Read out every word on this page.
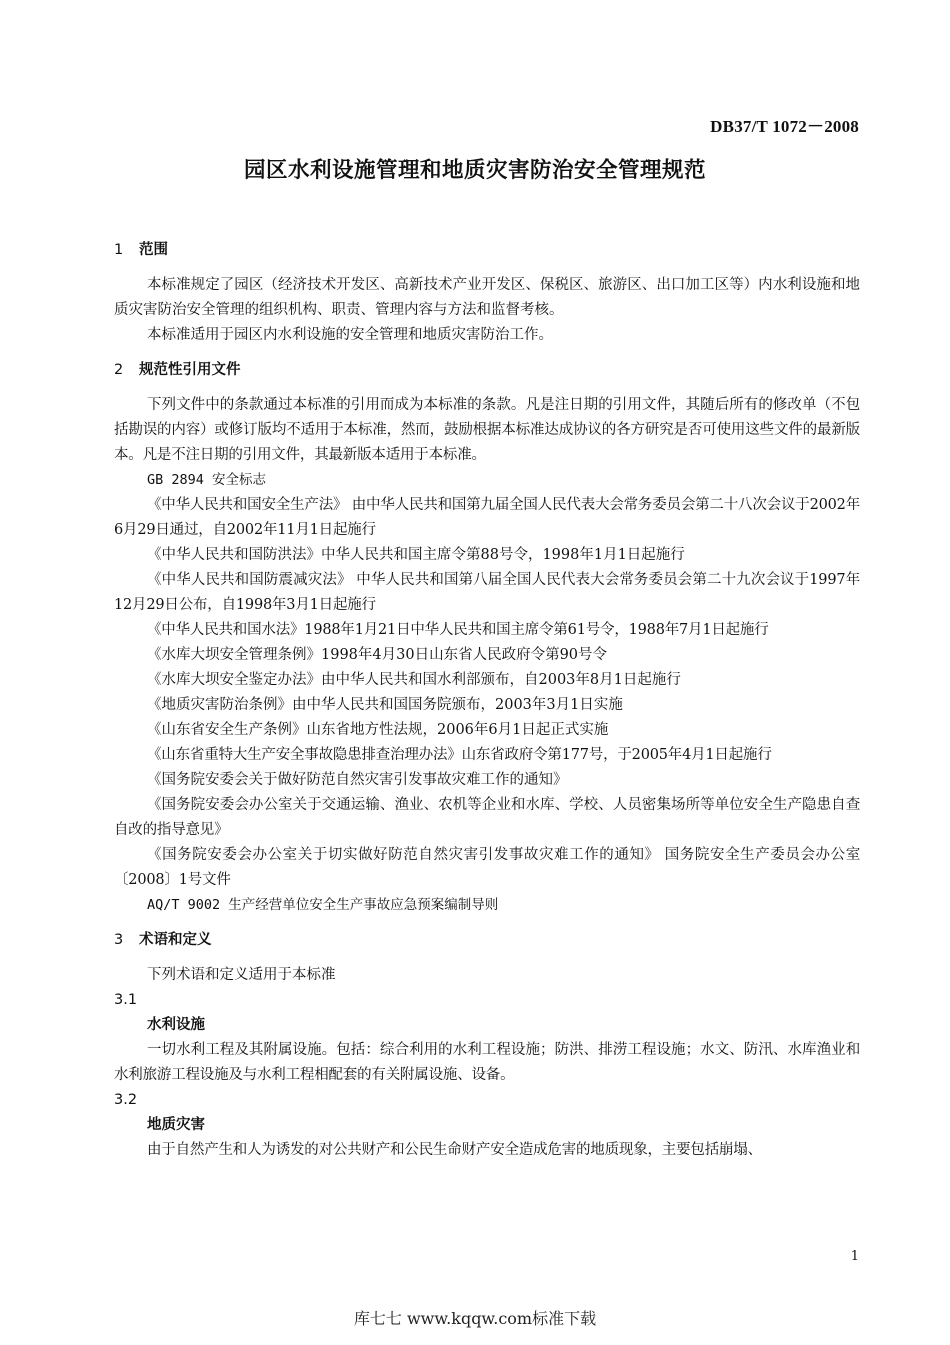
DB37/T 1072－2008
园区水利设施管理和地质灾害防治安全管理规范
1 范围

本标准规定了园区（经济技术开发区、高新技术产业开发区、保税区、旅游区、出口加工区等）内水利设施和地质灾害防治安全管理的组织机构、职责、管理内容与方法和监督考核。

本标准适用于园区内水利设施的安全管理和地质灾害防治工作。

2 规范性引用文件

下列文件中的条款通过本标准的引用而成为本标准的条款。凡是注日期的引用文件，其随后所有的修改单（不包括勘误的内容）或修订版均不适用于本标准，然而，鼓励根据本标准达成协议的各方研究是否可使用这些文件的最新版本。凡是不注日期的引用文件，其最新版本适用于本标准。

GB 2894 安全标志

《中华人民共和国安全生产法》 由中华人民共和国第九届全国人民代表大会常务委员会第二十八次会议于2002年6月29日通过，自2002年11月1日起施行

《中华人民共和国防洪法》中华人民共和国主席令第88号令，1998年1月1日起施行

《中华人民共和国防震减灾法》 中华人民共和国第八届全国人民代表大会常务委员会第二十九次会议于1997年12月29日公布，自1998年3月1日起施行

《中华人民共和国水法》1988年1月21日中华人民共和国主席令第61号令，1988年7月1日起施行

《水库大坝安全管理条例》1998年4月30日山东省人民政府令第90号令

《水库大坝安全鉴定办法》由中华人民共和国水利部颁布，自2003年8月1日起施行

《地质灾害防治条例》由中华人民共和国国务院颁布，2003年3月1日实施

《山东省安全生产条例》山东省地方性法规，2006年6月1日起正式实施

《山东省重特大生产安全事故隐患排查治理办法》山东省政府令第177号，于2005年4月1日起施行

《国务院安委会关于做好防范自然灾害引发事故灾难工作的通知》

《国务院安委会办公室关于交通运输、渔业、农机等企业和水库、学校、人员密集场所等单位安全生产隐患自查自改的指导意见》

《国务院安委会办公室关于切实做好防范自然灾害引发事故灾难工作的通知》 国务院安全生产委员会办公室〔2008〕1号文件

AQ/T 9002 生产经营单位安全生产事故应急预案编制导则

3 术语和定义

下列术语和定义适用于本标准

3.1

水利设施

一切水利工程及其附属设施。包括：综合利用的水利工程设施；防洪、排涝工程设施；水文、防汛、水库渔业和水利旅游工程设施及与水利工程相配套的有关附属设施、设备。

3.2

地质灾害

由于自然产生和人为诱发的对公共财产和公民生命财产安全造成危害的地质现象，主要包括崩塌、

1
库七七 www.kqqw.com标准下载
